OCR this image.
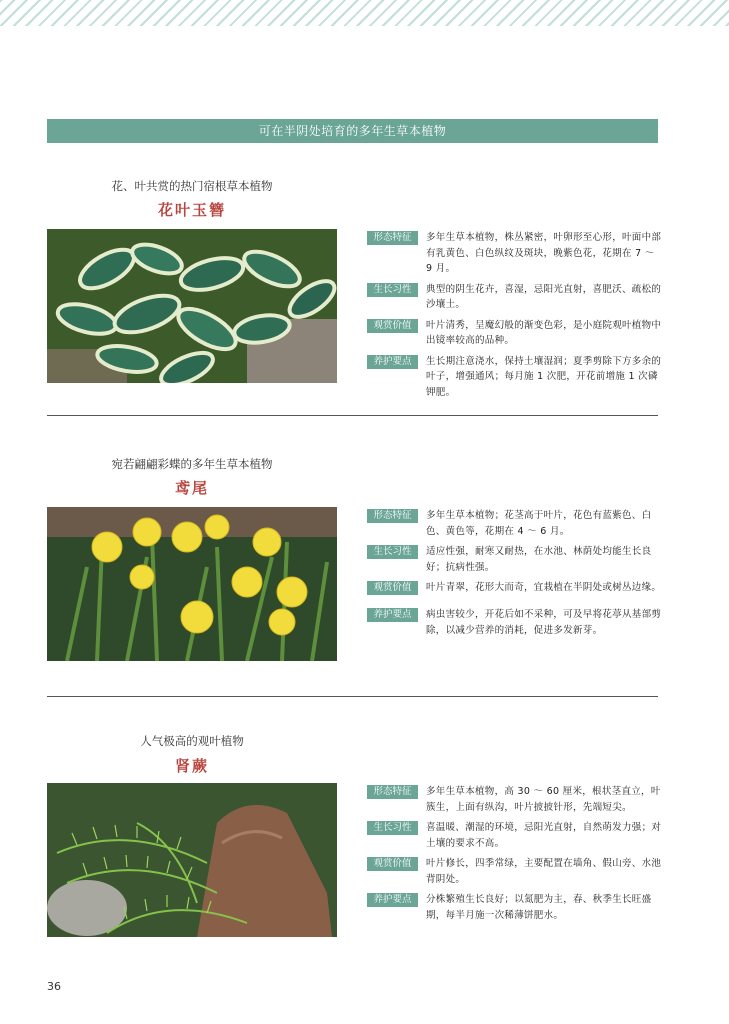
可在半阴处培育的多年生草本植物
花、叶共赏的热门宿根草本植物
花叶玉簪
形态特征	多年生草本植物，株丛紧密，叶卵形至心形，叶面中部有乳黄色、白色纵纹及斑块，晚紫色花，花期在 7 ～ 9 月。
生长习性	典型的阴生花卉，喜湿，忌阳光直射，喜肥沃、疏松的沙壤土。
观赏价值	叶片清秀，呈魔幻般的渐变色彩，是小庭院观叶植物中出镜率较高的品种。
养护要点	生长期注意浇水，保持土壤湿润；夏季剪除下方多余的叶子，增强通风；每月施 1 次肥，开花前增施 1 次磷钾肥。
宛若翩翩彩蝶的多年生草本植物
鸢尾
形态特征	多年生草本植物；花茎高于叶片，花色有蓝紫色、白色、黄色等，花期在 4 ～ 6 月。
生长习性	适应性强，耐寒又耐热，在水池、林荫处均能生长良好；抗病性强。
观赏价值	叶片青翠，花形大而奇，宜栽植在半阴处或树丛边缘。
养护要点	病虫害较少，开花后如不采种，可及早将花葶从基部剪除，以减少营养的消耗，促进多发新芽。
人气极高的观叶植物
肾蕨
形态特征	多年生草本植物，高 30 ～ 60 厘米，根状茎直立，叶簇生，上面有纵沟，叶片披披针形，先端短尖。
生长习性	喜温暖、潮湿的环境，忌阳光直射，自然萌发力强；对土壤的要求不高。
观赏价值	叶片修长，四季常绿，主要配置在墙角、假山旁、水池背阴处。
养护要点	分株繁殖生长良好；以氮肥为主，春、秋季生长旺盛期，每半月施一次稀薄饼肥水。
36
